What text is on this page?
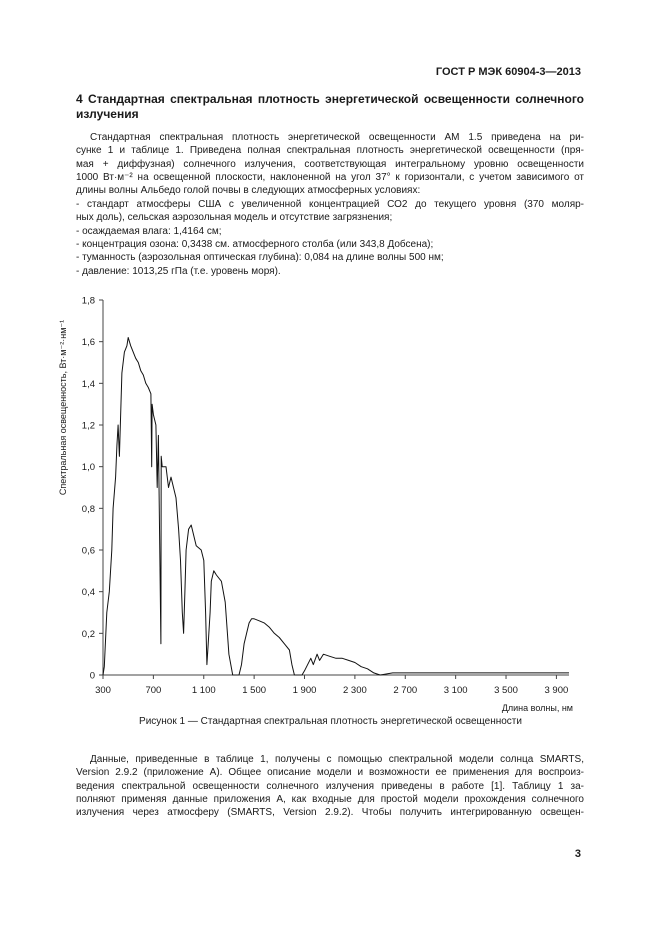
ГОСТ Р МЭК 60904-3—2013
4 Стандартная спектральная плотность энергетической освещенности солнечного излучения
Стандартная спектральная плотность энергетической освещенности АМ 1.5 приведена на ри-
сунке 1 и таблице 1. Приведена полная спектральная плотность энергетической освещенности (пря-
мая + диффузная) солнечного излучения, соответствующая интегральному уровню освещенности
1000 Вт·м⁻² на освещенной плоскости, наклоненной на угол 37° к горизонтали, с учетом зависимого от
длины волны Альбедо голой почвы в следующих атмосферных условиях:
- стандарт атмосферы США с увеличенной концентрацией СО2 до текущего уровня (370 моляр-
ных доль), сельская аэрозольная модель и отсутствие загрязнения;
- осаждаемая влага: 1,4164 см;
- концентрация озона: 0,3438 см. атмосферного столба (или 343,8 Добсена);
- туманность (аэрозольная оптическая глубина): 0,084 на длине волны 500 нм;
- давление: 1013,25 гПа (т.е. уровень моря).
0
0,2
0,4
0,6
0,8
1,0
1,2
1,4
1,6
1,8
300	700	1 100	1 500	1 900	2 300	2 700	3 100	3 500	3 900
Длина волны, нм
Спектральная освещенность, Вт·м⁻²·нм⁻¹
Рисунок 1 — Стандартная спектральная плотность энергетической освещенности
Данные, приведенные в таблице 1, получены с помощью спектральной модели солнца SMARTS,
Version 2.9.2 (приложение А). Общее описание модели и возможности ее применения для воспроиз-
ведения спектральной освещенности солнечного излучения приведены в работе [1]. Таблицу 1 за-
полняют применяя данные приложения А, как входные для простой модели прохождения солнечного
излучения через атмосферу (SMARTS, Version 2.9.2). Чтобы получить интегрированную освещен-
3
